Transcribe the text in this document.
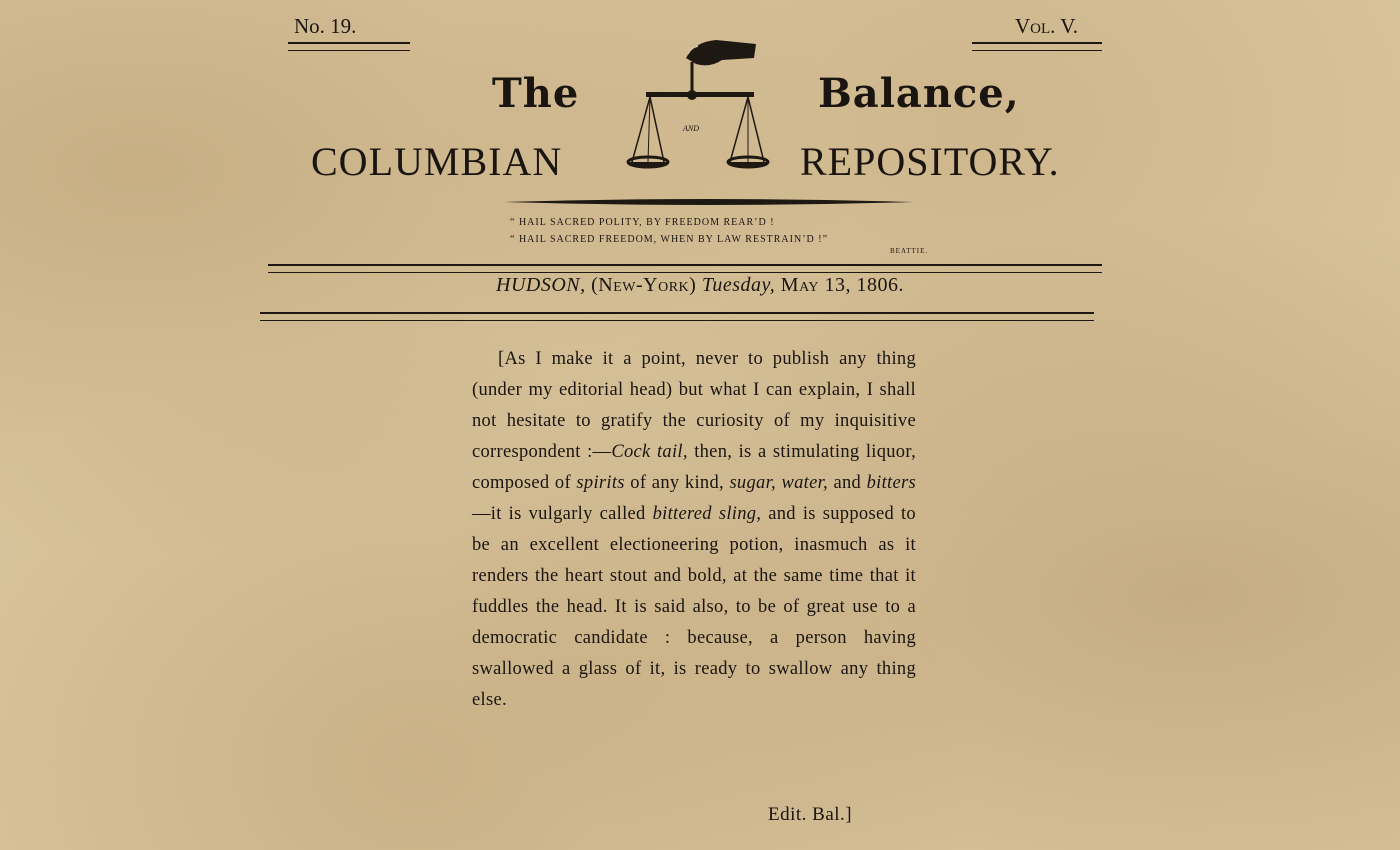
No. 19.	Vol. V.
The	Balance,
AND
COLUMBIAN	REPOSITORY.
“ HAIL SACRED POLITY, BY FREEDOM REAR’D !
“ HAIL SACRED FREEDOM, WHEN BY LAW RESTRAIN’D !”
BEATTIE.
HUDSON, (New-York) Tuesday, May 13, 1806.

[As I make it a point, never to publish any thing (under my editorial head) but what I can explain, I shall not hesitate to gratify the curiosity of my inquisitive correspondent :—Cock tail, then, is a stimulating liquor, composed of spirits of any kind, sugar, water, and bitters—it is vulgarly called bittered sling, and is supposed to be an excellent electioneering potion, inasmuch as it renders the heart stout and bold, at the same time that it fuddles the head. It is said also, to be of great use to a democratic candidate : because, a person having swallowed a glass of it, is ready to swallow any thing else.

Edit. Bal.]
